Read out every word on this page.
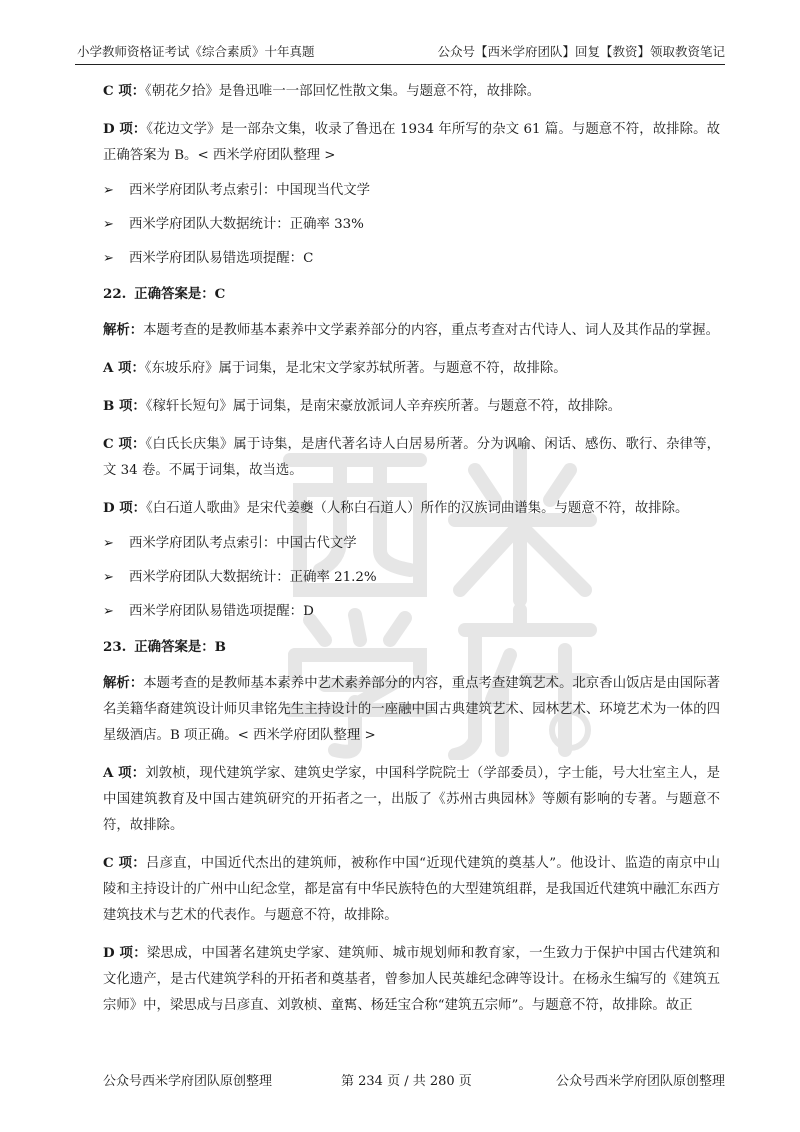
小学教师资格证考试《综合素质》十年真题	公众号【西米学府团队】回复【教资】领取教资笔记

C 项：《朝花夕拾》是鲁迅唯一一部回忆性散文集。与题意不符，故排除。

D 项：《花边文学》是一部杂文集，收录了鲁迅在 1934 年所写的杂文 61 篇。与题意不符，故排除。故正确答案为 B。< 西米学府团队整理 >

➢ 西米学府团队考点索引：中国现当代文学
➢ 西米学府团队大数据统计：正确率 33%
➢ 西米学府团队易错选项提醒：C
22. 正确答案是：C

解析：本题考查的是教师基本素养中文学素养部分的内容，重点考查对古代诗人、词人及其作品的掌握。

A 项：《东坡乐府》属于词集，是北宋文学家苏轼所著。与题意不符，故排除。

B 项：《稼轩长短句》属于词集，是南宋豪放派词人辛弃疾所著。与题意不符，故排除。

C 项：《白氏长庆集》属于诗集，是唐代著名诗人白居易所著。分为讽喻、闲话、感伤、歌行、杂律等，文 34 卷。不属于词集，故当选。

D 项：《白石道人歌曲》是宋代姜夔（人称白石道人）所作的汉族词曲谱集。与题意不符，故排除。

➢ 西米学府团队考点索引：中国古代文学
➢ 西米学府团队大数据统计：正确率 21.2%
➢ 西米学府团队易错选项提醒：D
23. 正确答案是：B

解析：本题考查的是教师基本素养中艺术素养部分的内容，重点考查建筑艺术。北京香山饭店是由国际著名美籍华裔建筑设计师贝聿铭先生主持设计的一座融中国古典建筑艺术、园林艺术、环境艺术为一体的四星级酒店。B 项正确。< 西米学府团队整理 >

A 项：刘敦桢，现代建筑学家、建筑史学家，中国科学院院士（学部委员），字士能，号大壮室主人，是中国建筑教育及中国古建筑研究的开拓者之一，出版了《苏州古典园林》等颇有影响的专著。与题意不符，故排除。

C 项：吕彦直，中国近代杰出的建筑师，被称作中国“近现代建筑的奠基人”。他设计、监造的南京中山陵和主持设计的广州中山纪念堂，都是富有中华民族特色的大型建筑组群，是我国近代建筑中融汇东西方建筑技术与艺术的代表作。与题意不符，故排除。

D 项：梁思成，中国著名建筑史学家、建筑师、城市规划师和教育家，一生致力于保护中国古代建筑和文化遗产，是古代建筑学科的开拓者和奠基者，曾参加人民英雄纪念碑等设计。在杨永生编写的《建筑五宗师》中，梁思成与吕彦直、刘敦桢、童寯、杨廷宝合称“建筑五宗师”。与题意不符，故排除。故正

公众号西米学府团队原创整理	第 234 页 / 共 280 页	公众号西米学府团队原创整理
